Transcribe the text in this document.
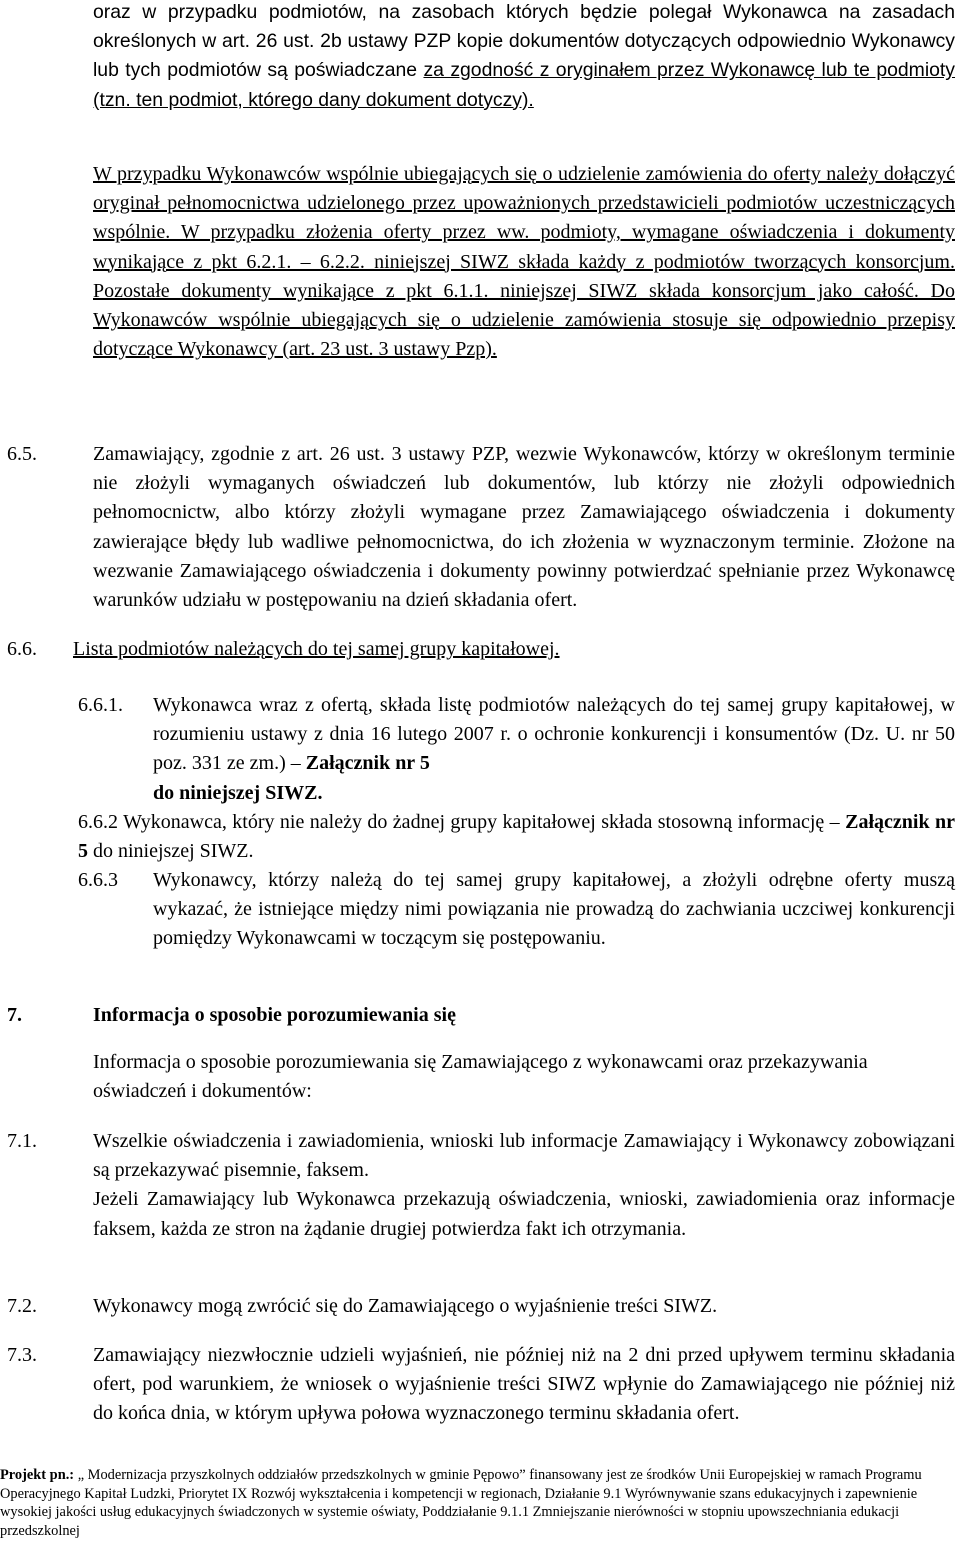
oraz w przypadku podmiotów, na zasobach których będzie polegał Wykonawca na zasadach określonych w art. 26 ust. 2b ustawy PZP kopie dokumentów dotyczących odpowiednio Wykonawcy lub tych podmiotów są poświadczane za zgodność z oryginałem przez Wykonawcę lub te podmioty (tzn. ten podmiot, którego dany dokument dotyczy).

W przypadku Wykonawców wspólnie ubiegających się o udzielenie zamówienia do oferty należy dołączyć oryginał pełnomocnictwa udzielonego przez upoważnionych przedstawicieli podmiotów uczestniczących wspólnie. W przypadku złożenia oferty przez ww. podmioty, wymagane oświadczenia i dokumenty wynikające z pkt 6.2.1. – 6.2.2. niniejszej SIWZ składa każdy z podmiotów tworzących konsorcjum. Pozostałe dokumenty wynikające z pkt 6.1.1. niniejszej SIWZ składa konsorcjum jako całość. Do Wykonawców wspólnie ubiegających się o udzielenie zamówienia stosuje się odpowiednio przepisy dotyczące Wykonawcy (art. 23 ust. 3 ustawy Pzp).

6.5.	Zamawiający, zgodnie z art. 26 ust. 3 ustawy PZP, wezwie Wykonawców, którzy w określonym terminie nie złożyli wymaganych oświadczeń lub dokumentów, lub którzy nie złożyli odpowiednich pełnomocnictw, albo którzy złożyli wymagane przez Zamawiającego oświadczenia i dokumenty zawierające błędy lub wadliwe pełnomocnictwa, do ich złożenia w wyznaczonym terminie. Złożone na wezwanie Zamawiającego oświadczenia i dokumenty powinny potwierdzać spełnianie przez Wykonawcę warunków udziału w postępowaniu na dzień składania ofert.

6.6. Lista podmiotów należących do tej samej grupy kapitałowej.

6.6.1. Wykonawca wraz z ofertą, składa listę podmiotów należących do tej samej grupy kapitałowej, w rozumieniu ustawy z dnia 16 lutego 2007 r. o ochronie konkurencji i konsumentów (Dz. U. nr 50 poz. 331 ze zm.) – Załącznik nr 5
do niniejszej SIWZ.

6.6.2 Wykonawca, który nie należy do żadnej grupy kapitałowej składa stosowną informację – Załącznik nr 5 do niniejszej SIWZ.

6.6.3 Wykonawcy, którzy należą do tej samej grupy kapitałowej, a złożyli odrębne oferty muszą wykazać, że istniejące między nimi powiązania nie prowadzą do zachwiania uczciwej konkurencji pomiędzy Wykonawcami w toczącym się postępowaniu.

7.	Informacja o sposobie porozumiewania się

Informacja o sposobie porozumiewania się Zamawiającego z wykonawcami oraz przekazywania oświadczeń i dokumentów:

7.1.	Wszelkie oświadczenia i zawiadomienia, wnioski lub informacje Zamawiający i Wykonawcy zobowiązani są przekazywać pisemnie, faksem.
Jeżeli Zamawiający lub Wykonawca przekazują oświadczenia, wnioski, zawiadomienia oraz informacje faksem, każda ze stron na żądanie drugiej potwierdza fakt ich otrzymania.

7.2.	Wykonawcy mogą zwrócić się do Zamawiającego o wyjaśnienie treści SIWZ.

7.3.	Zamawiający niezwłocznie udzieli wyjaśnień, nie później niż na 2 dni przed upływem terminu składania ofert, pod warunkiem, że wniosek o wyjaśnienie treści SIWZ wpłynie do Zamawiającego nie później niż do końca dnia, w którym upływa połowa wyznaczonego terminu składania ofert.

Projekt pn.: „ Modernizacja przyszkolnych oddziałów przedszkolnych w gminie Pępowo” finansowany jest ze środków Unii Europejskiej w ramach Programu Operacyjnego Kapitał Ludzki, Priorytet IX Rozwój wykształcenia i kompetencji w regionach, Działanie 9.1 Wyrównywanie szans edukacyjnych i zapewnienie wysokiej jakości usług edukacyjnych świadczonych w systemie oświaty, Poddziałanie 9.1.1 Zmniejszanie nierówności w stopniu upowszechniania edukacji przedszkolnej
